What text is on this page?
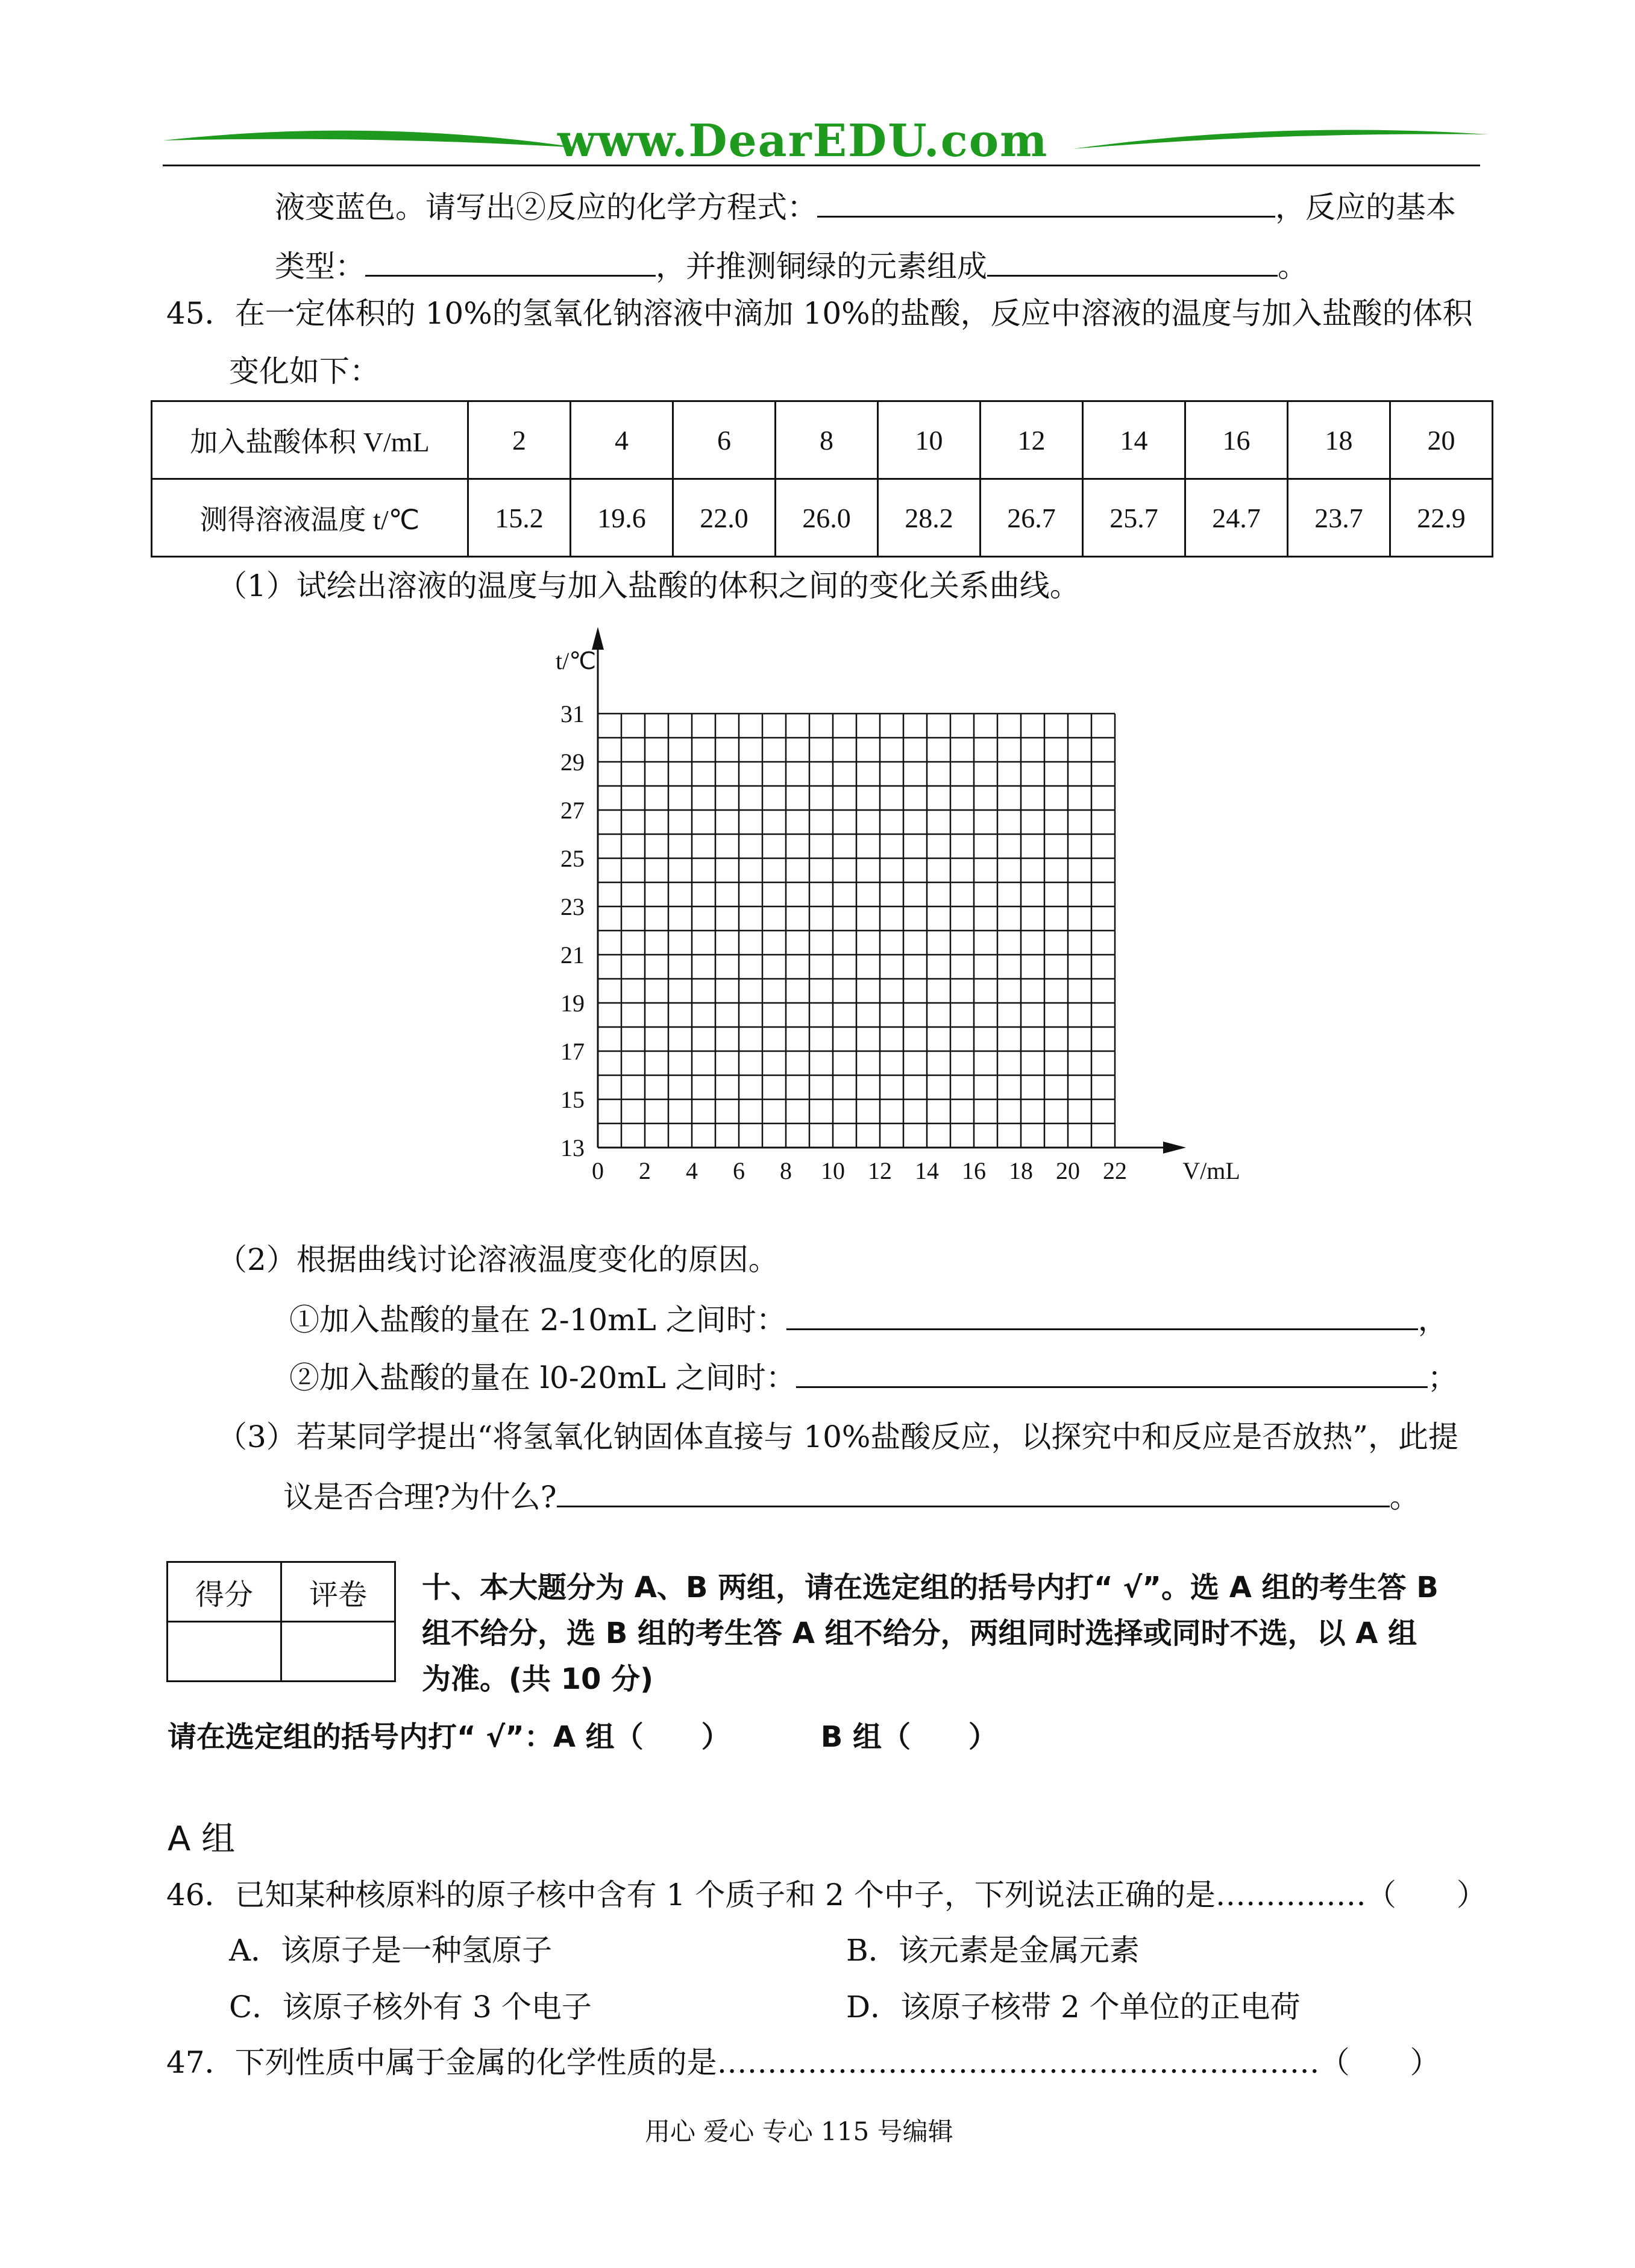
www.DearEDU.com
液变蓝色。请写出②反应的化学方程式：	，反应的基本
类型：	，并推测铜绿的元素组成	。
45．在一定体积的 10%的氢氧化钠溶液中滴加 10%的盐酸，反应中溶液的温度与加入盐酸的体积
变化如下：
加入盐酸体积 V/mL	2	4	6	8	10	12	14	16	18	20
测得溶液温度 t/℃	15.2	19.6	22.0	26.0	28.2	26.7	25.7	24.7	23.7	22.9
（1）试绘出溶液的温度与加入盐酸的体积之间的变化关系曲线。
31
29
27
25
23
21
19
17
15
13
0 2 4 6 8 10 12 14 16 18 20 22
t/℃
V/mL
（2）根据曲线讨论溶液温度变化的原因。
①加入盐酸的量在 2-10mL 之间时：	，
②加入盐酸的量在 l0-20mL 之间时：	；
（3）若某同学提出“将氢氧化钠固体直接与 10%盐酸反应，以探究中和反应是否放热”，此提
议是否合理?为什么?	。
得分	评卷
	十、本大题分为 A、B 两组，请在选定组的括号内打“ √”。选 A 组的考生答 B
组不给分，选 B 组的考生答 A 组不给分，两组同时选择或同时不选，以 A 组
为准。(共 10 分)
请在选定组的括号内打“ √”：A 组（　　）	B 组（　　）
A 组
46．已知某种核原料的原子核中含有 1 个质子和 2 个中子，下列说法正确的是……………（　　）
A．该原子是一种氢原子	B．该元素是金属元素
C．该原子核外有 3 个电子	D．该原子核带 2 个单位的正电荷
47．下列性质中属于金属的化学性质的是……………………………………………………（　　）
用心 爱心 专心 115 号编辑
